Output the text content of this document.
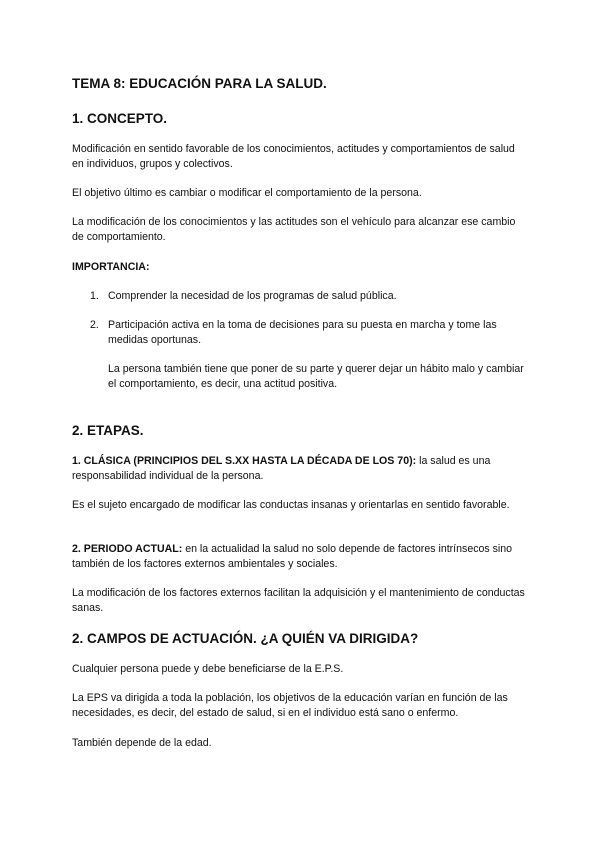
TEMA 8: EDUCACIÓN PARA LA SALUD.
1. CONCEPTO.

Modificación en sentido favorable de los conocimientos, actitudes y comportamientos de salud en individuos, grupos y colectivos.

El objetivo último es cambiar o modificar el comportamiento de la persona.

La modificación de los conocimientos y las actitudes son el vehículo para alcanzar ese cambio de comportamiento.

IMPORTANCIA:

1. Comprender la necesidad de los programas de salud pública.

2. Participación activa en la toma de decisiones para su puesta en marcha y tome las medidas oportunas.

La persona también tiene que poner de su parte y querer dejar un hábito malo y cambiar el comportamiento, es decir, una actitud positiva.

2. ETAPAS.

1. CLÁSICA (PRINCIPIOS DEL S.XX HASTA LA DÉCADA DE LOS 70): la salud es una responsabilidad individual de la persona.

Es el sujeto encargado de modificar las conductas insanas y orientarlas en sentido favorable.

2. PERIODO ACTUAL: en la actualidad la salud no solo depende de factores intrínsecos sino también de los factores externos ambientales y sociales.

La modificación de los factores externos facilitan la adquisición y el mantenimiento de conductas sanas.

2. CAMPOS DE ACTUACIÓN. ¿A QUIÉN VA DIRIGIDA?

Cualquier persona puede y debe beneficiarse de la E.P.S.

La EPS va dirigida a toda la población, los objetivos de la educación varían en función de las necesidades, es decir, del estado de salud, si en el individuo está sano o enfermo.

También depende de la edad.
